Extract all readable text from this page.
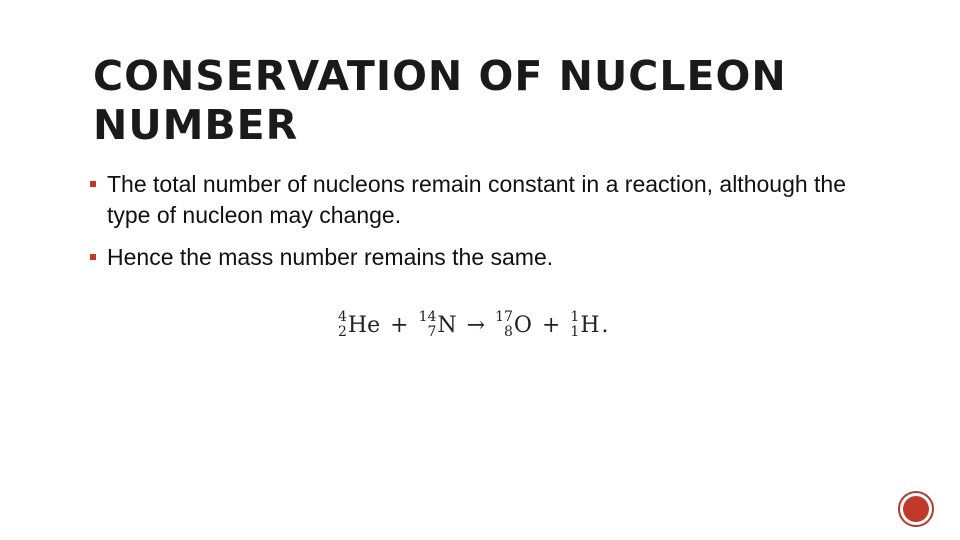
CONSERVATION OF NUCLEON NUMBER
The total number of nucleons remain constant in a reaction, although the type of nucleon may change.
Hence the mass number remains the same.
4
2 He + 14
7 N → 17
8 O + 1
1 H .
